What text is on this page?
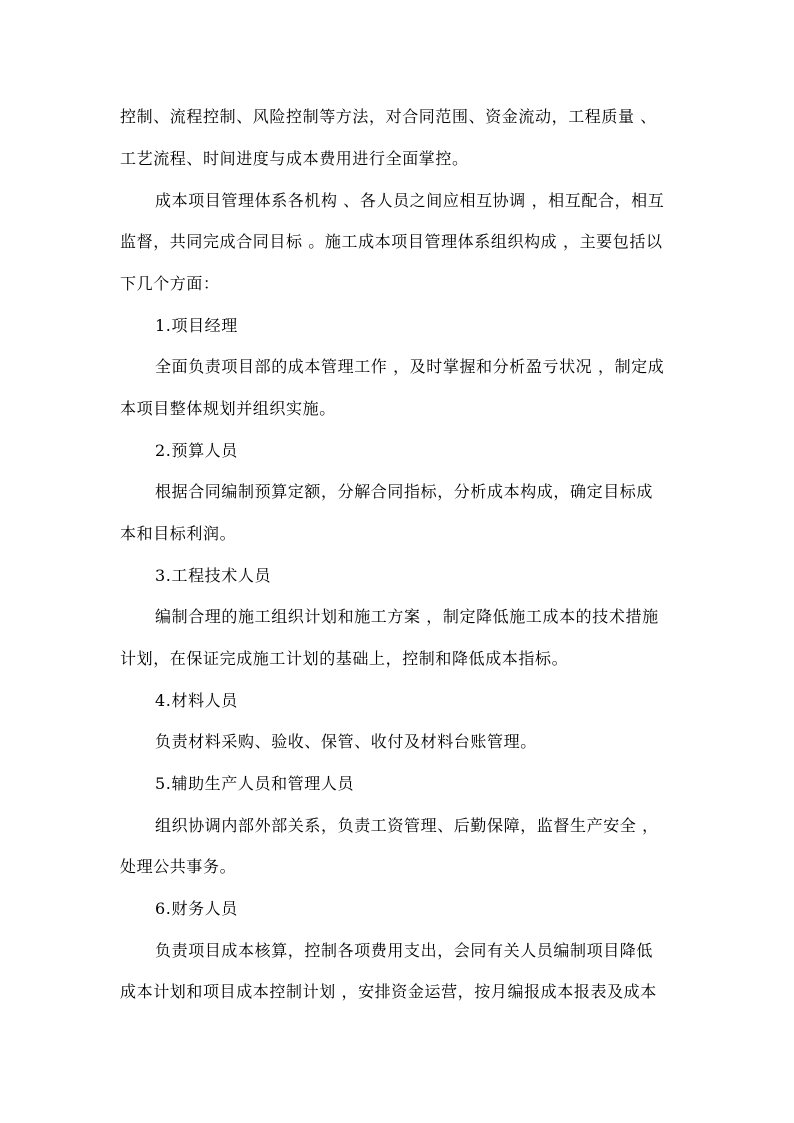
控制、流程控制、风险控制等方法，对合同范围、资金流动，工程质量 、
工艺流程、时间进度与成本费用进行全面掌控。
成本项目管理体系各机构 、各人员之间应相互协调 ，相互配合，相互
监督，共同完成合同目标 。施工成本项目管理体系组织构成 ，主要包括以
下几个方面：
1.项目经理
全面负责项目部的成本管理工作 ，及时掌握和分析盈亏状况 ，制定成
本项目整体规划并组织实施。
2.预算人员
根据合同编制预算定额，分解合同指标，分析成本构成，确定目标成
本和目标利润。
3.工程技术人员
编制合理的施工组织计划和施工方案 ，制定降低施工成本的技术措施
计划，在保证完成施工计划的基础上，控制和降低成本指标。
4.材料人员
负责材料采购、验收、保管、收付及材料台账管理。
5.辅助生产人员和管理人员
组织协调内部外部关系，负责工资管理、后勤保障，监督生产安全 ，
处理公共事务。
6.财务人员
负责项目成本核算，控制各项费用支出，会同有关人员编制项目降低
成本计划和项目成本控制计划 ，安排资金运营，按月编报成本报表及成本
